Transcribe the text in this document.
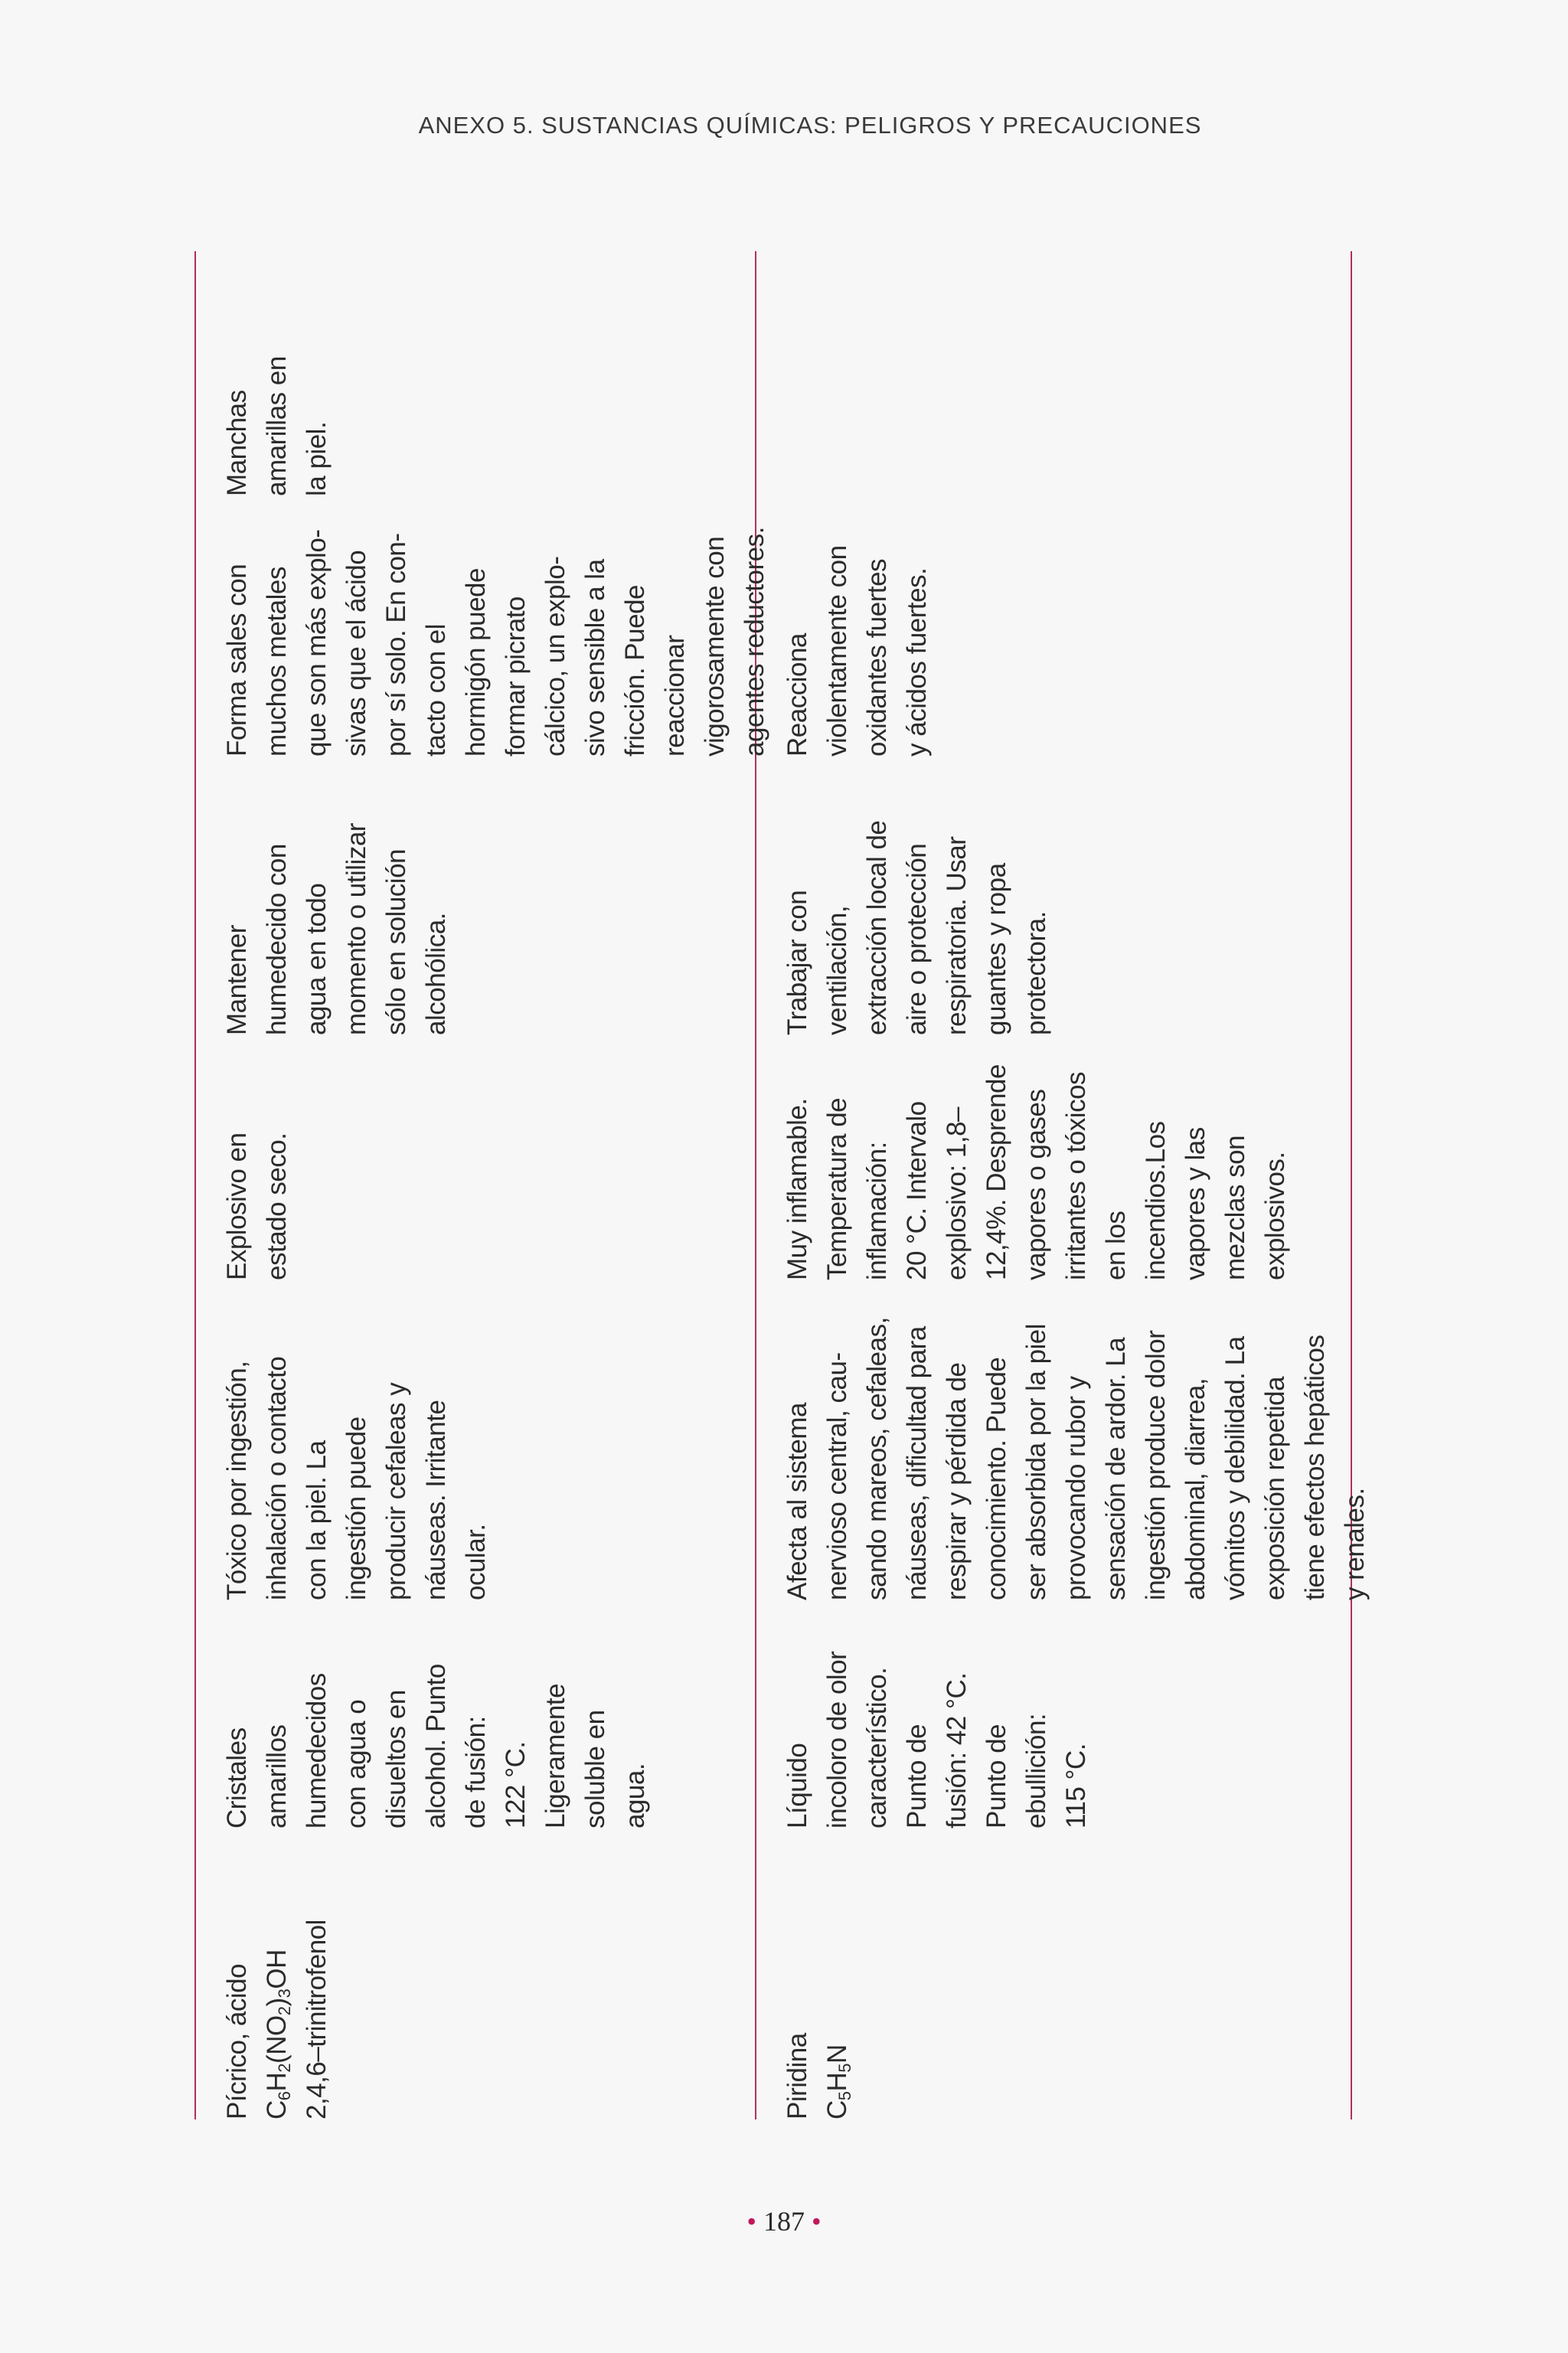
ANEXO 5. SUSTANCIAS QUÍMICAS: PELIGROS Y PRECAUCIONES
Pícrico, ácido $C_6H_2(NO_2)_3OH$ 2,4,6–trinitrofenol
Cristales amarillos humedecidos con agua o disueltos en alcohol. Punto de fusión: 122 °C. Ligeramente soluble en agua.
Tóxico por ingestión, inhalación o contacto con la piel. La ingestión puede producir cefaleas y náuseas. Irritante ocular.
Explosivo en estado seco.
Mantener humedecido con agua en todo momento o utilizar sólo en solución alcohólica.
Forma sales con muchos metales que son más explo- sivas que el ácido por sí solo. En con- tacto con el hormigón puede formar picrato cálcico, un explo- sivo sensible a la fricción. Puede reaccionar vigorosamente con agentes reductores.
Manchas amarillas en la piel.
Piridina $C_5H_5N$
Líquido incoloro de olor característico. Punto de fusión: 42 °C. Punto de ebullición: 115 °C.
Afecta al sistema nervioso central, cau- sando mareos, cefaleas, náuseas, dificultad para respirar y pérdida de conocimiento. Puede ser absorbida por la piel provocando rubor y sensación de ardor. La ingestión produce dolor abdominal, diarrea, vómitos y debilidad. La exposición repetida tiene efectos hepáticos y renales.
Muy inflamable. Temperatura de inflamación: 20 °C. Intervalo explosivo: 1,8– 12,4%. Desprende vapores o gases irritantes o tóxicos en los incendios.Los vapores y las mezclas son explosivos.
Trabajar con ventilación, extracción local de aire o protección respiratoria. Usar guantes y ropa protectora.
Reacciona violentamente con oxidantes fuertes y ácidos fuertes.
• 187 •
